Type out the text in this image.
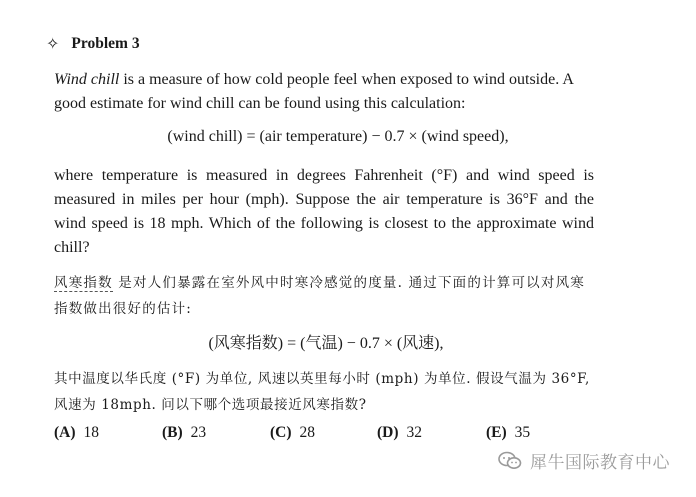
✧ Problem 3
Wind chill is a measure of how cold people feel when exposed to wind outside. A good estimate for wind chill can be found using this calculation:
(wind chill) = (air temperature) − 0.7 × (wind speed),
where temperature is measured in degrees Fahrenheit (°F) and wind speed is measured in miles per hour (mph). Suppose the air temperature is 36°F and the wind speed is 18 mph. Which of the following is closest to the approximate wind chill?
风寒指数 是对人们暴露在室外风中时寒冷感觉的度量. 通过下面的计算可以对风寒指数做出很好的估计:
(风寒指数) = (气温) − 0.7 × (风速),
其中温度以华氏度 (°F) 为单位, 风速以英里每小时 (mph) 为单位. 假设气温为 36°F, 风速为 18mph. 问以下哪个选项最接近风寒指数?
(A) 18	(B) 23	(C) 28	(D) 32	(E) 35
犀牛国际教育中心
